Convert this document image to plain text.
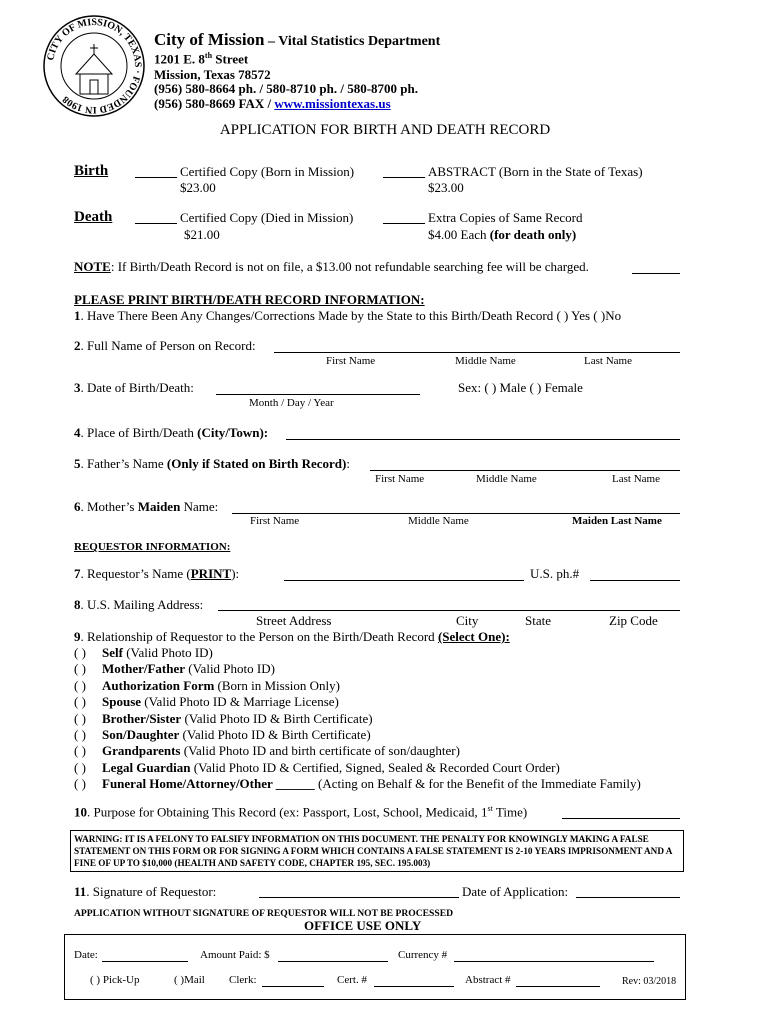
CITY OF MISSION, TEXAS · FOUNDED IN 1908
City of Mission – Vital Statistics Department
1201 E. 8th Street
Mission, Texas 78572
(956) 580-8664 ph. / 580-8710 ph. / 580-8700 ph.
(956) 580-8669 FAX / www.missiontexas.us
APPLICATION FOR BIRTH AND DEATH RECORD
Birth	Certified Copy (Born in Mission)
$23.00
ABSTRACT (Born in the State of Texas)
$23.00
Death	Certified Copy (Died in Mission)
$21.00
Extra Copies of Same Record
$4.00 Each (for death only)
NOTE: If Birth/Death Record is not on file, a $13.00 not refundable searching fee will be charged.
PLEASE PRINT BIRTH/DEATH RECORD INFORMATION:
1. Have There Been Any Changes/Corrections Made by the State to this Birth/Death Record ( ) Yes ( )No
2. Full Name of Person on Record:
First Name	Middle Name	Last Name
3. Date of Birth/Death:
Month / Day / Year
Sex: ( ) Male ( ) Female
4. Place of Birth/Death (City/Town):
5. Father’s Name (Only if Stated on Birth Record):
First Name	Middle Name	Last Name
6. Mother’s Maiden Name:
First Name	Middle Name	Maiden Last Name
REQUESTOR INFORMATION:
7. Requestor’s Name (PRINT):	U.S. ph.#
8. U.S. Mailing Address:
Street Address	City	State	Zip Code
9. Relationship of Requestor to the Person on the Birth/Death Record (Select One):
( ) Self (Valid Photo ID)
( ) Mother/Father (Valid Photo ID)
( ) Authorization Form (Born in Mission Only)
( ) Spouse (Valid Photo ID & Marriage License)
( ) Brother/Sister (Valid Photo ID & Birth Certificate)
( ) Son/Daughter (Valid Photo ID & Birth Certificate)
( ) Grandparents (Valid Photo ID and birth certificate of son/daughter)
( ) Legal Guardian (Valid Photo ID & Certified, Signed, Sealed & Recorded Court Order)
( ) Funeral Home/Attorney/Other ______ (Acting on Behalf & for the Benefit of the Immediate Family)
10. Purpose for Obtaining This Record (ex: Passport, Lost, School, Medicaid, 1st Time)
WARNING: IT IS A FELONY TO FALSIFY INFORMATION ON THIS DOCUMENT. THE PENALTY FOR KNOWINGLY MAKING A FALSE STATEMENT ON THIS FORM OR FOR SIGNING A FORM WHICH CONTAINS A FALSE STATEMENT IS 2-10 YEARS IMPRISONMENT AND A FINE OF UP TO $10,000 (HEALTH AND SAFETY CODE, CHAPTER 195, SEC. 195.003)
11. Signature of Requestor:	Date of Application:
APPLICATION WITHOUT SIGNATURE OF REQUESTOR WILL NOT BE PROCESSED
OFFICE USE ONLY
Date:	Amount Paid: $	Currency #
( ) Pick-Up	( )Mail Clerk:	Cert. #	Abstract #	Rev: 03/2018
